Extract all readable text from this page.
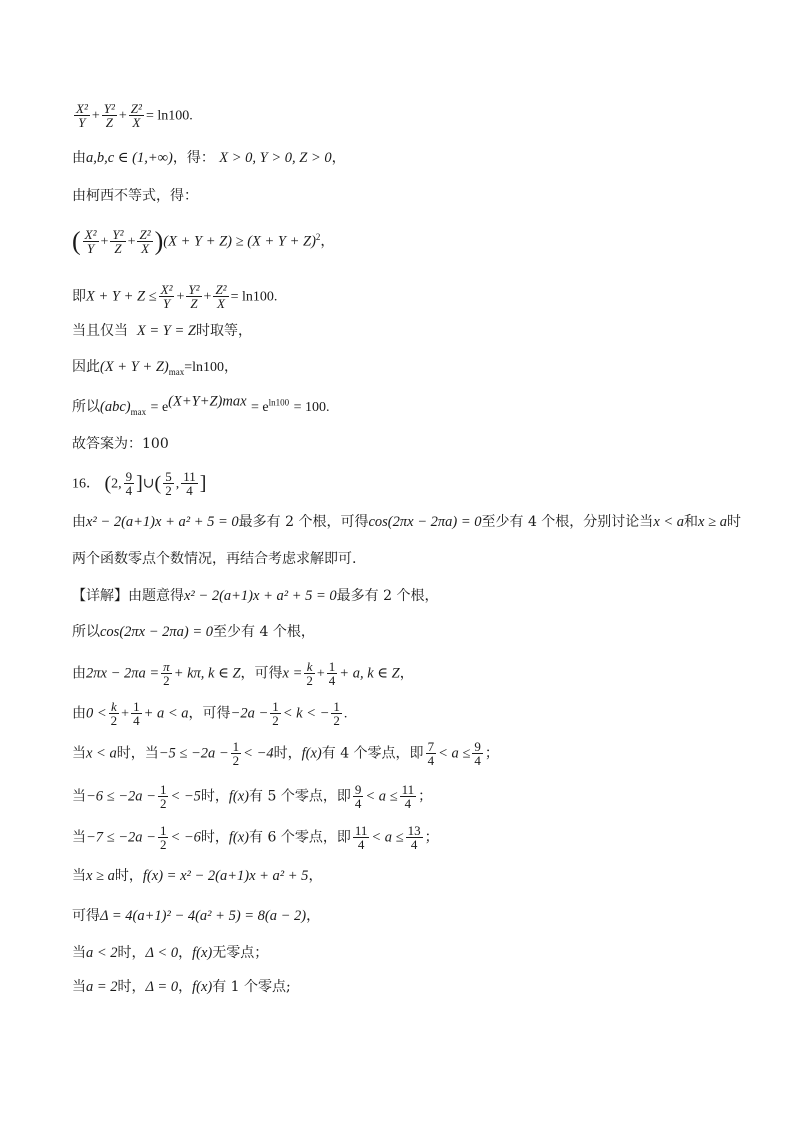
$\frac{\text{X²}}{Y} + \frac{\text{Y²}}{Z} + \frac{\text{Z²}}{X} = \ln 100$.
由a,b,c ∈ (1,+∞)，得： X > 0, Y > 0, Z > 0，
由柯西不等式，得：
( $\frac{\text{X²}}{Y} + \frac{\text{Y²}}{Z} + \frac{\text{Z²}}{X} )(X + Y + Z) \ge (X + Y + Z)^2$，
即$X + Y + Z \le \frac{\text{X²}}{Y} + \frac{\text{Y²}}{Z} + \frac{\text{Z²}}{X} = \ln 100$.
当且仅当 X = Y = Z时取等，
因此$(X + Y + Z)_{max}=\ln 100$，
所以$(abc)_{max} = e^{(X+Y+Z)max} = e^{ln100} = 100$.
故答案为：100
16． (2, $\frac{9}{4}$ ]∪( $\frac{5}{2}$ , $\frac{11}{4}$ ]
由x² − 2(a+1)x + a² + 5 = 0最多有 2 个根，可得cos(2πx − 2πa) = 0至少有 4 个根，分别讨论当x < a和x ≥ a时
两个函数零点个数情况，再结合考虑求解即可.
【详解】由题意得x² − 2(a+1)x + a² + 5 = 0最多有 2 个根，
所以cos(2πx − 2πa) = 0至少有 4 个根，
由$2\pi x - 2\pi a = \frac{\pi}{2} + k\pi$, k ∈ Z，可得$x = \frac{k}{2} + \frac{1}{4} + a$, k ∈ Z，
由$0 < \frac{k}{2} + \frac{1}{4} + a < a$，可得$-2a - \frac{1}{2} < k$ < − $\frac{1}{2}$ .
当x < a时，当$-5 \le -2a - \frac{1}{2} < -4$时，f(x)有 4 个零点，即 $\frac{7}{4} < a \le \frac{9}{4}$ ；
当$-6 \le -2a - \frac{1}{2} < -5$时，f(x)有 5 个零点，即 $\frac{9}{4} < a \le \frac{11}{4}$ ；
当$-7 \le -2a - \frac{1}{2} < -6$时，f(x)有 6 个零点，即 $\frac{11}{4} < a \le \frac{13}{4}$ ；
当x ≥ a时，f(x) = x² − 2(a+1)x + a² + 5，
可得Δ = 4(a+1)² − 4(a² + 5) = 8(a − 2)，
当a < 2时，Δ < 0，f(x)无零点；
当a = 2时，Δ = 0，f(x)有 1 个零点;
